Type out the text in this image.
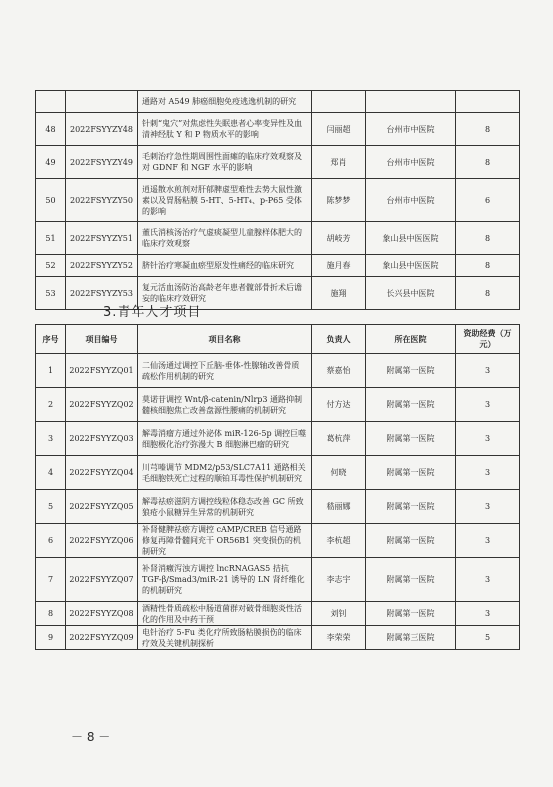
		通路对 A549 肺癌细胞免疫逃逸机制的研究			
48	2022FSYYZY48	针刺“鬼穴”对焦虑性失眠患者心率变异性及血清神经肽 Y 和 P 物质水平的影响	闫丽超	台州市中医院	8
49	2022FSYYZY49	毛刺治疗急性期周围性面瘫的临床疗效观察及对 GDNF 和 NGF 水平的影响	郑肖	台州市中医院	8
50	2022FSYYZY50	逍遥散水煎剂对肝郁脾虚型难性去势大鼠性激素以及胃肠粘膜 5-HT、5-HT₄、p-P65 受体的影响	陈梦梦	台州市中医院	6
51	2022FSYYZY51	董氏消核汤治疗气虚痰凝型儿童腺样体肥大的临床疗效观察	胡岐芳	象山县中医医院	8
52	2022FSYYZY52	脐针治疗寒凝血瘀型原发性痛经的临床研究	施月春	象山县中医医院	8
53	2022FSYYZY53	复元活血汤防治高龄老年患者髋部骨折术后谵妄的临床疗效研究	施翔	长兴县中医院	8
3.青年人才项目
序号	项目编号	项目名称	负责人	所在医院	资助经费（万元）
1	2022FSYYZQ01	二仙汤通过调控下丘脑-垂体-性腺轴改善骨质疏松作用机制的研究	蔡嘉怡	附属第一医院	3
2	2022FSYYZQ02	莫诺苷调控 Wnt/β-catenin/Nlrp3 通路抑制髓核细胞焦亡改善盘源性腰痛的机制研究	付方达	附属第一医院	3
3	2022FSYYZQ03	解毒消瘤方通过外泌体 miR-126-5p 调控巨噬细胞极化治疗弥漫大 B 细胞淋巴瘤的研究	葛杭萍	附属第一医院	3
4	2022FSYYZQ04	川芎嗪调节 MDM2/p53/SLC7A11 通路相关毛细胞铁死亡过程的顺铂耳毒性保护机制研究	何晓	附属第一医院	3
5	2022FSYYZQ05	解毒祛瘀滋阴方调控线粒体稳态改善 GC 所致狼疮小鼠糖异生异常的机制研究	嵇丽娜	附属第一医院	3
6	2022FSYYZQ06	补肾健脾祛瘀方调控 cAMP/CREB 信号通路修复再障骨髓间充干 OR56B1 突变损伤的机制研究	李杭超	附属第一医院	3
7	2022FSYYZQ07	补肾消癥泻浊方调控 lncRNAGAS5 拮抗 TGF-β/Smad3/miR-21 诱导的 LN 肾纤维化的机制研究	李志宇	附属第一医院	3
8	2022FSYYZQ08	酒精性骨质疏松中肠道菌群对破骨细胞炎性活化的作用及中药干预	刘钊	附属第一医院	3
9	2022FSYYZQ09	电针治疗 5-Fu 类化疗所致肠粘膜损伤的临床疗效及关键机制探析	李荣荣	附属第三医院	5
－ 8 －
